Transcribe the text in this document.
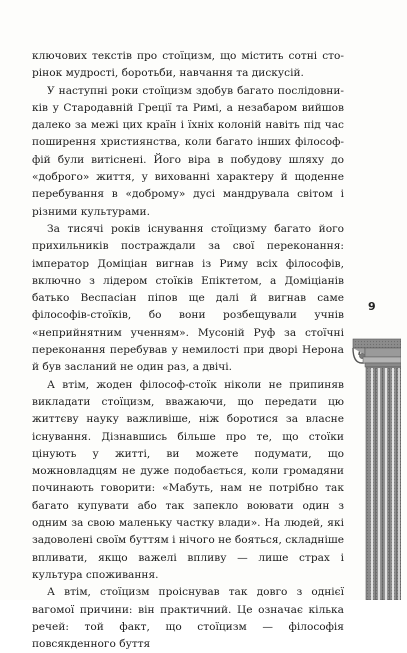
ключових текстів про стоїцизм, що містить сотні сторінок мудрості, боротьби, навчання та дискусій.

У наступні роки стоїцизм здобув багато послідовників у Стародавній Греції та Римі, а незабаром вийшов далеко за межі цих країн і їхніх колоній навіть під час поширення християнства, коли багато інших філософфій були витіснені. Його віра в побудову шляху до «доброго» життя, у вихованні характеру й щоденне перебування в «доброму» дусі мандрувала світом і різними культурами.

За тисячі років існування стоїцизму багато його прихильників постраждали за свої переконання: імператор Доміціан вигнав із Риму всіх філософів, включно з лідером стоїків Епіктетом, а Доміціанів батько Веспасіан піпов ще далі й вигнав саме філософів-стоїків, бо вони розбещували учнів «неприйнятним ученням». Мусоній Руф за стоїчні переконання перебував у немилості при дворі Нерона й був засланий не один раз, а двічі.

А втім, жоден філософ-стоїк ніколи не припиняв викладати стоїцизм, вважаючи, що передати цю життєву науку важливіше, ніж боротися за власне існування. Дізнавшись більше про те, що стоїки цінують у житті, ви можете подумати, що можновладцям не дуже подобається, коли громадяни починають говорити: «Мабуть, нам не потрібно так багато купувати або так запекло воювати один з одним за свою маленьку частку влади». На людей, які задоволені своїм буттям і нічого не бояться, складніше впливати, якщо важелі впливу — лише страх і культура споживання.

А втім, стоїцизм проіснував так довго з однієї вагомої причини: він практичний. Це означає кілька речей: той факт, що стоїцизм — філософія повсякденного буття

9
